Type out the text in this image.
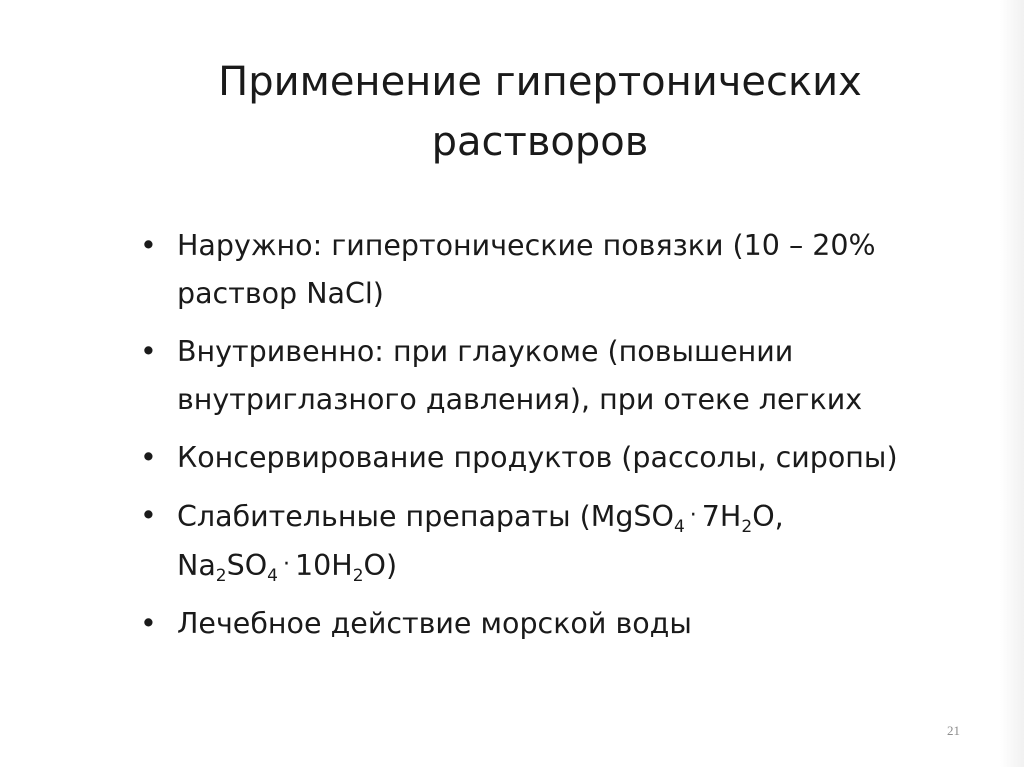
Применение гипертонических
растворов
• Наружно: гипертонические повязки (10 – 20%
раствор NaCl)
• Внутривенно: при глаукоме (повышении
внутриглазного давления), при отеке легких
• Консервирование продуктов (рассолы, сиропы)
• Слабительные препараты (MgSO$_4$ · $7H_2O$,
$Na_2SO_4 \cdot 10H_2O$)
• Лечебное действие морской воды
21
